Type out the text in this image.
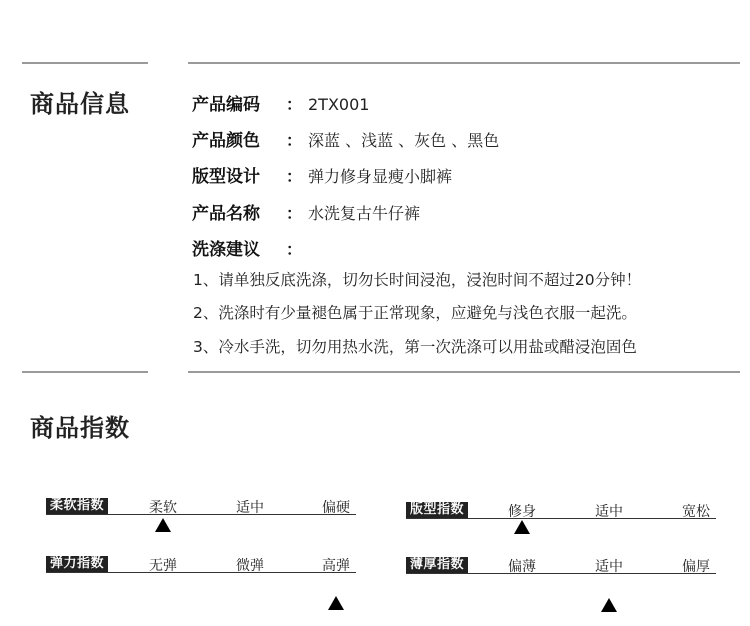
商品信息	产品编码 ： 2TX001
产品颜色 ： 深蓝 、浅蓝 、灰色 、黑色
版型设计 ： 弹力修身显瘦小脚裤
产品名称 ： 水洗复古牛仔裤
洗涤建议 ：
1、请单独反底洗涤，切勿长时间浸泡，浸泡时间不超过20分钟！
2、洗涤时有少量褪色属于正常现象，应避免与浅色衣服一起洗。
3、冷水手洗，切勿用热水洗，第一次洗涤可以用盐或醋浸泡固色
商品指数
柔软指数	柔软	适中	偏硬	版型指数	修身	适中	宽松
弹力指数	无弹	微弹	高弹	薄厚指数	偏薄	适中	偏厚
